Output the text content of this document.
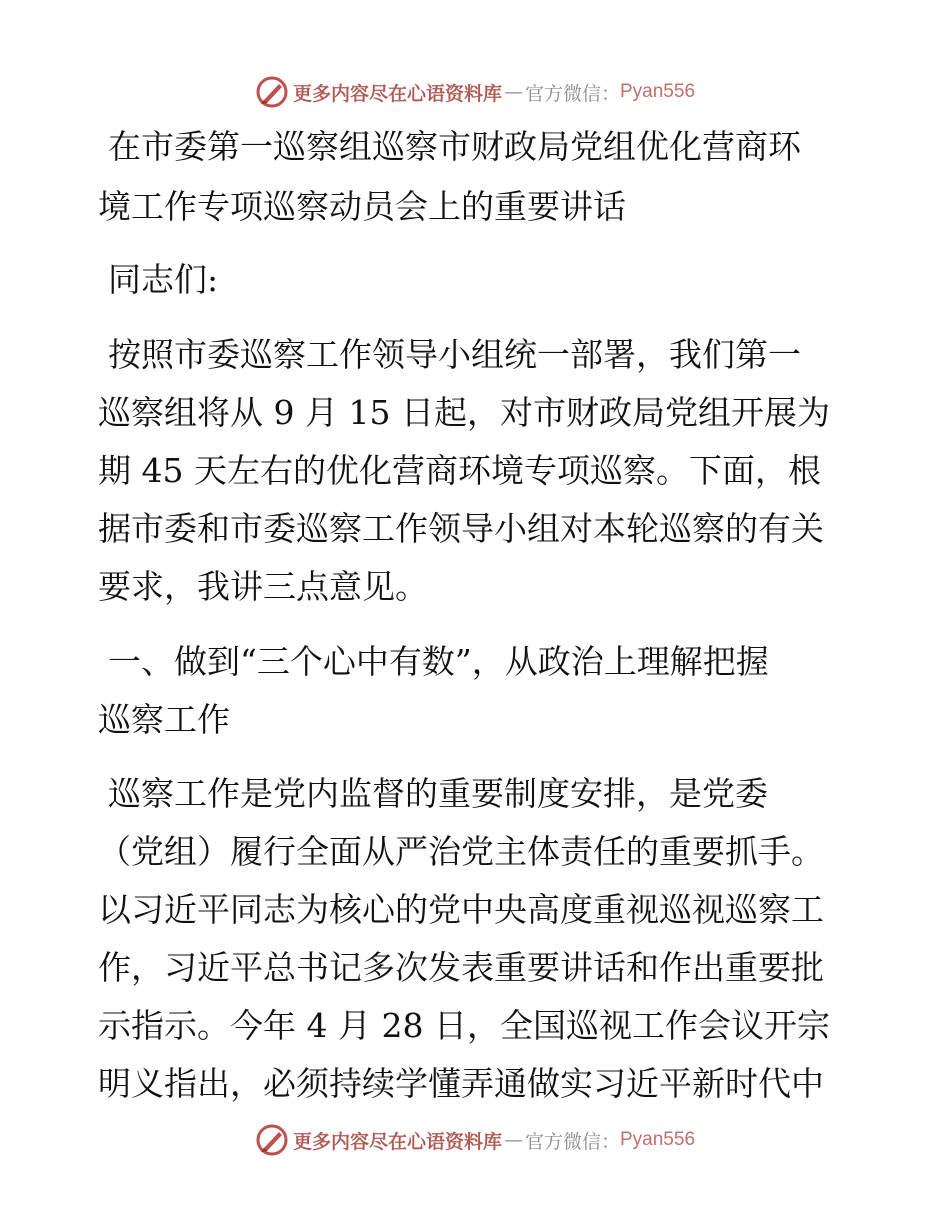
更多内容尽在心语资料库 — 官方微信： Pyan556
在市委第一巡察组巡察市财政局党组优化营商环
境工作专项巡察动员会上的重要讲话
同志们:
按照市委巡察工作领导小组统一部署，我们第一
巡察组将从 9 月 15 日起，对市财政局党组开展为
期 45 天左右的优化营商环境专项巡察。下面，根
据市委和市委巡察工作领导小组对本轮巡察的有关
要求，我讲三点意见。
一、做到“三个心中有数”，从政治上理解把握
巡察工作
巡察工作是党内监督的重要制度安排，是党委
（党组）履行全面从严治党主体责任的重要抓手。
以习近平同志为核心的党中央高度重视巡视巡察工
作，习近平总书记多次发表重要讲话和作出重要批
示指示。今年 4 月 28 日，全国巡视工作会议开宗
明义指出，必须持续学懂弄通做实习近平新时代中
更多内容尽在心语资料库 — 官方微信： Pyan556
